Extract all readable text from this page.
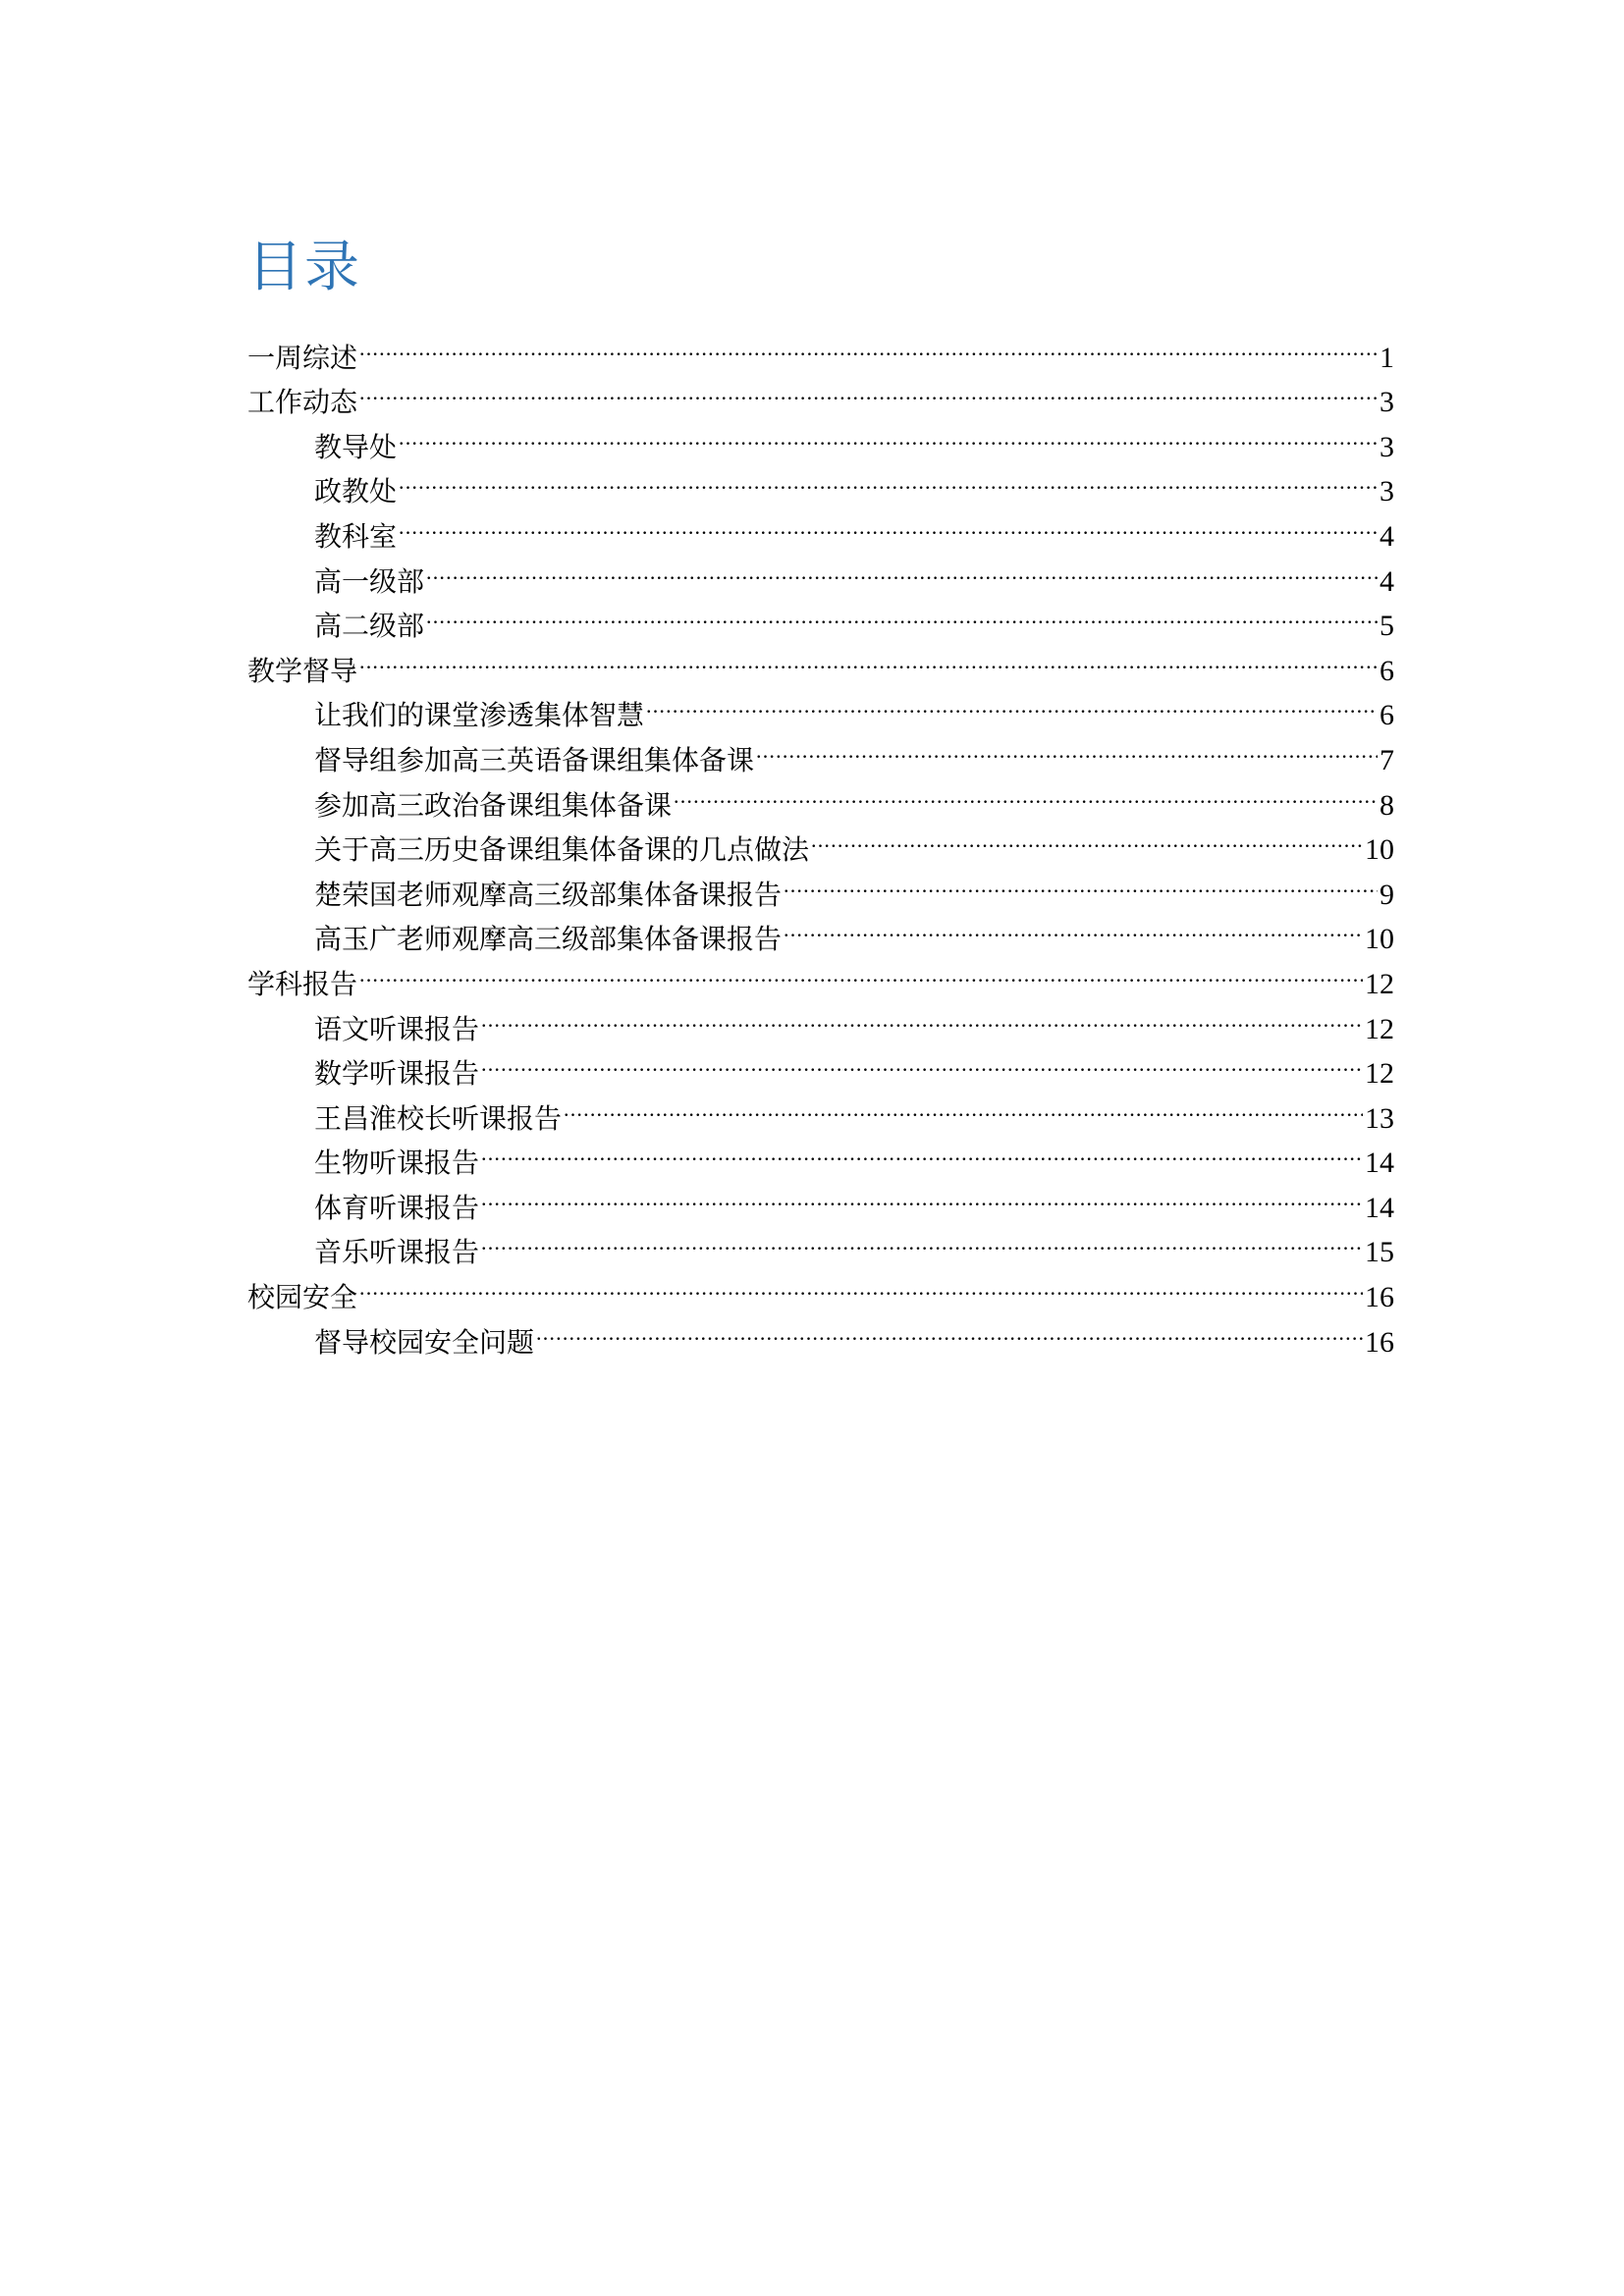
目录
一周综述 .....	1
工作动态 .....	3
教导处 .....	3
政教处 .....	3
教科室 .....	4
高一级部 .....	4
高二级部 .....	5
教学督导 .....	6
让我们的课堂渗透集体智慧 .....	6
督导组参加高三英语备课组集体备课 .....	7
参加高三政治备课组集体备课 .....	8
关于高三历史备课组集体备课的几点做法 .....	10
楚荣国老师观摩高三级部集体备课报告 .....	9
高玉广老师观摩高三级部集体备课报告 .....	10
学科报告 .....	12
语文听课报告 .....	12
数学听课报告 .....	12
王昌淮校长听课报告 .....	13
生物听课报告 .....	14
体育听课报告 .....	14
音乐听课报告 .....	15
校园安全 .....	16
督导校园安全问题 .....	16
